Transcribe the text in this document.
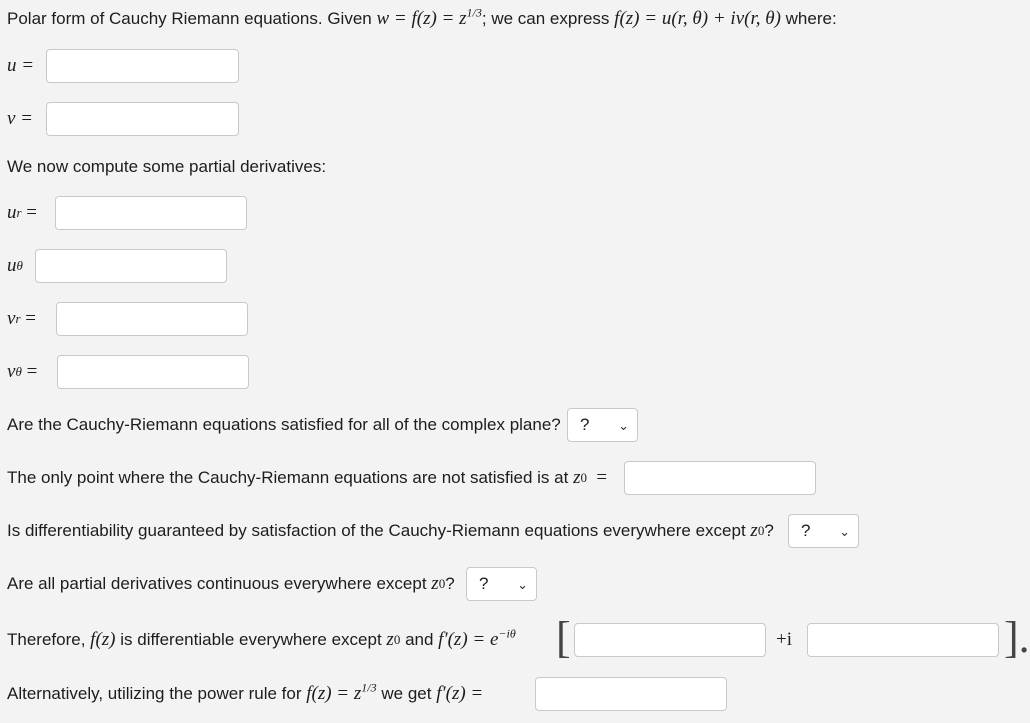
Polar form of Cauchy Riemann equations. Given
$w = f(z) = z^{1/3}$ ; we can express
f(z) = u(r, θ) + iv(r, θ)
where:
u =
v =
We now compute some partial derivatives:
u r
=
u θ
v r
=
v θ
=
Are the Cauchy-Riemann equations satisfied for all of the complex plane? ? ⌄
The only point where the Cauchy-Riemann equations are not satisfied is at
z 0
=
Is differentiability guaranteed by satisfaction of the Cauchy-Riemann equations everywhere except
z 0 ? ? ⌄
Are all partial derivatives continuous everywhere except
z 0 ? ? ⌄
Therefore,
f(z)
is differentiable everywhere except
z 0
and
$f'(z) = e^{-i\theta}$ [	+i	].
Alternatively, utilizing the power rule for
$f(z) = z^{1/3}$
we get
f′(z) =
